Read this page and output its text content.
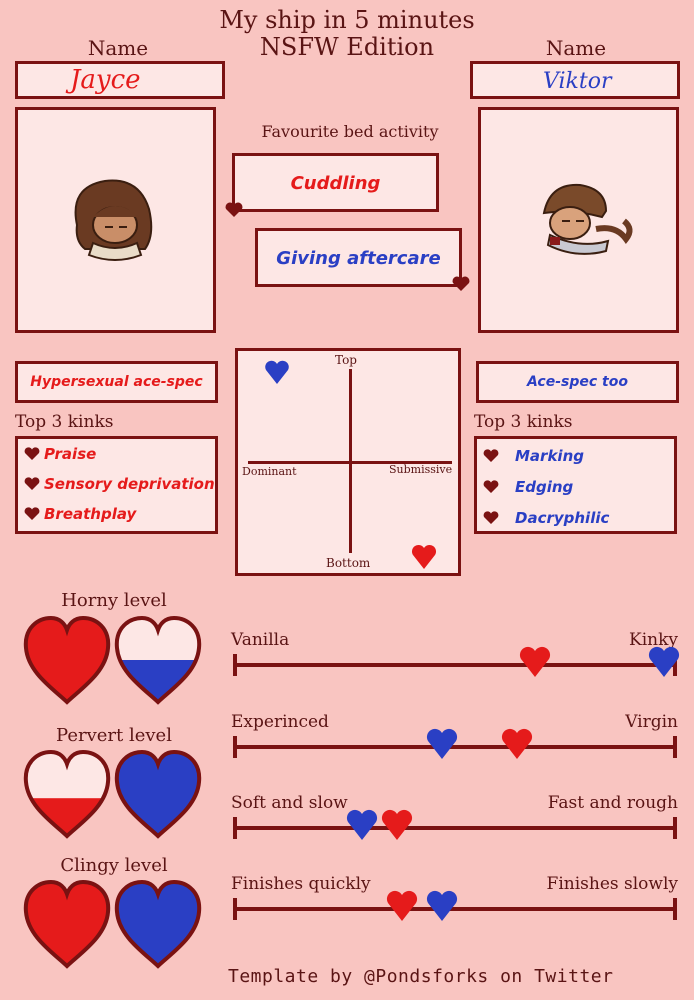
My ship in 5 minutes
NSFW Edition
Name	Name
Jayce	Viktor
Favourite bed activity
Cuddling
Giving aftercare
Hypersexual ace-spec	Ace-spec too
Top 3 kinks	Top 3 kinks
Praise
Sensory deprivation
Breathplay
Marking
Edging
Dacryphilic
Top
Bottom
Dominant	Submissive
Horny level
Pervert level
Clingy level
Vanilla	Kinky
Experinced	Virgin
Soft and slow	Fast and rough
Finishes quickly	Finishes slowly
Template by @Pondsforks on Twitter
